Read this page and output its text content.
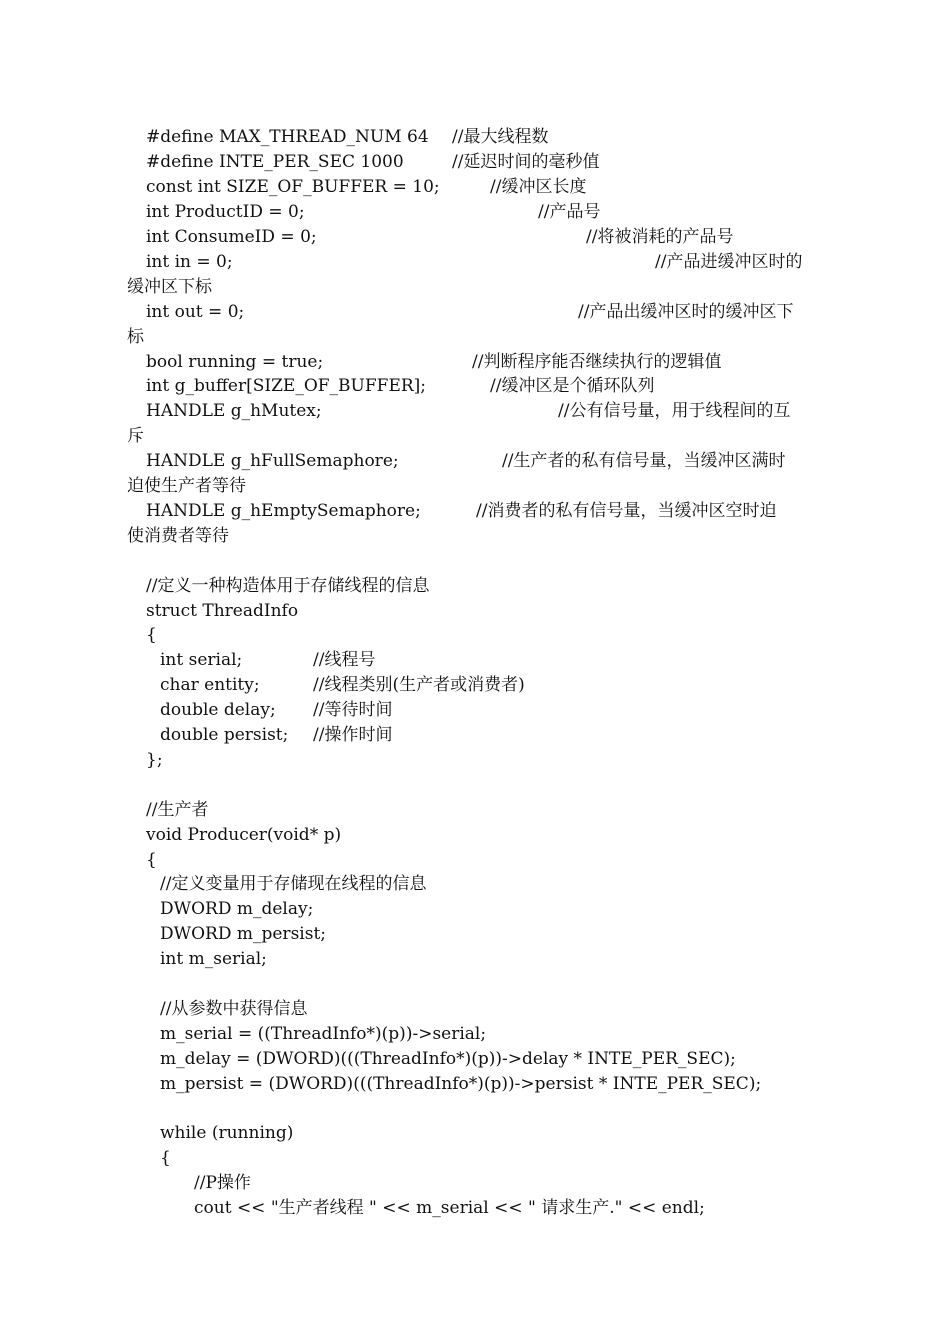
#define MAX_THREAD_NUM 64 //最大线程数
#define INTE_PER_SEC 1000	//延迟时间的毫秒值
const int SIZE_OF_BUFFER = 10;	//缓冲区长度
int ProductID = 0;	//产品号
int ConsumeID = 0;	//将被消耗的产品号
int in = 0;	//产品进缓冲区时的
缓冲区下标
int out = 0;	//产品出缓冲区时的缓冲区下
标
bool running = true;	//判断程序能否继续执行的逻辑值
int g_buffer[SIZE_OF_BUFFER];	//缓冲区是个循环队列
HANDLE g_hMutex;	//公有信号量，用于线程间的互
斥
HANDLE g_hFullSemaphore;	//生产者的私有信号量，当缓冲区满时
迫使生产者等待
HANDLE g_hEmptySemaphore;	//消费者的私有信号量，当缓冲区空时迫
使消费者等待
//定义一种构造体用于存储线程的信息
struct ThreadInfo
{
int serial;	//线程号
char entity;	//线程类别(生产者或消费者)
double delay; //等待时间
double persist; //操作时间
};
//生产者
void Producer(void* p)
{
//定义变量用于存储现在线程的信息
DWORD m_delay;
DWORD m_persist;
int m_serial;
//从参数中获得信息
m_serial = ((ThreadInfo*)(p))->serial;
m_delay = (DWORD)(((ThreadInfo*)(p))->delay * INTE_PER_SEC);
m_persist = (DWORD)(((ThreadInfo*)(p))->persist * INTE_PER_SEC);
while (running)
{
//P操作
cout << "生产者线程 " << m_serial << " 请求生产." << endl;
